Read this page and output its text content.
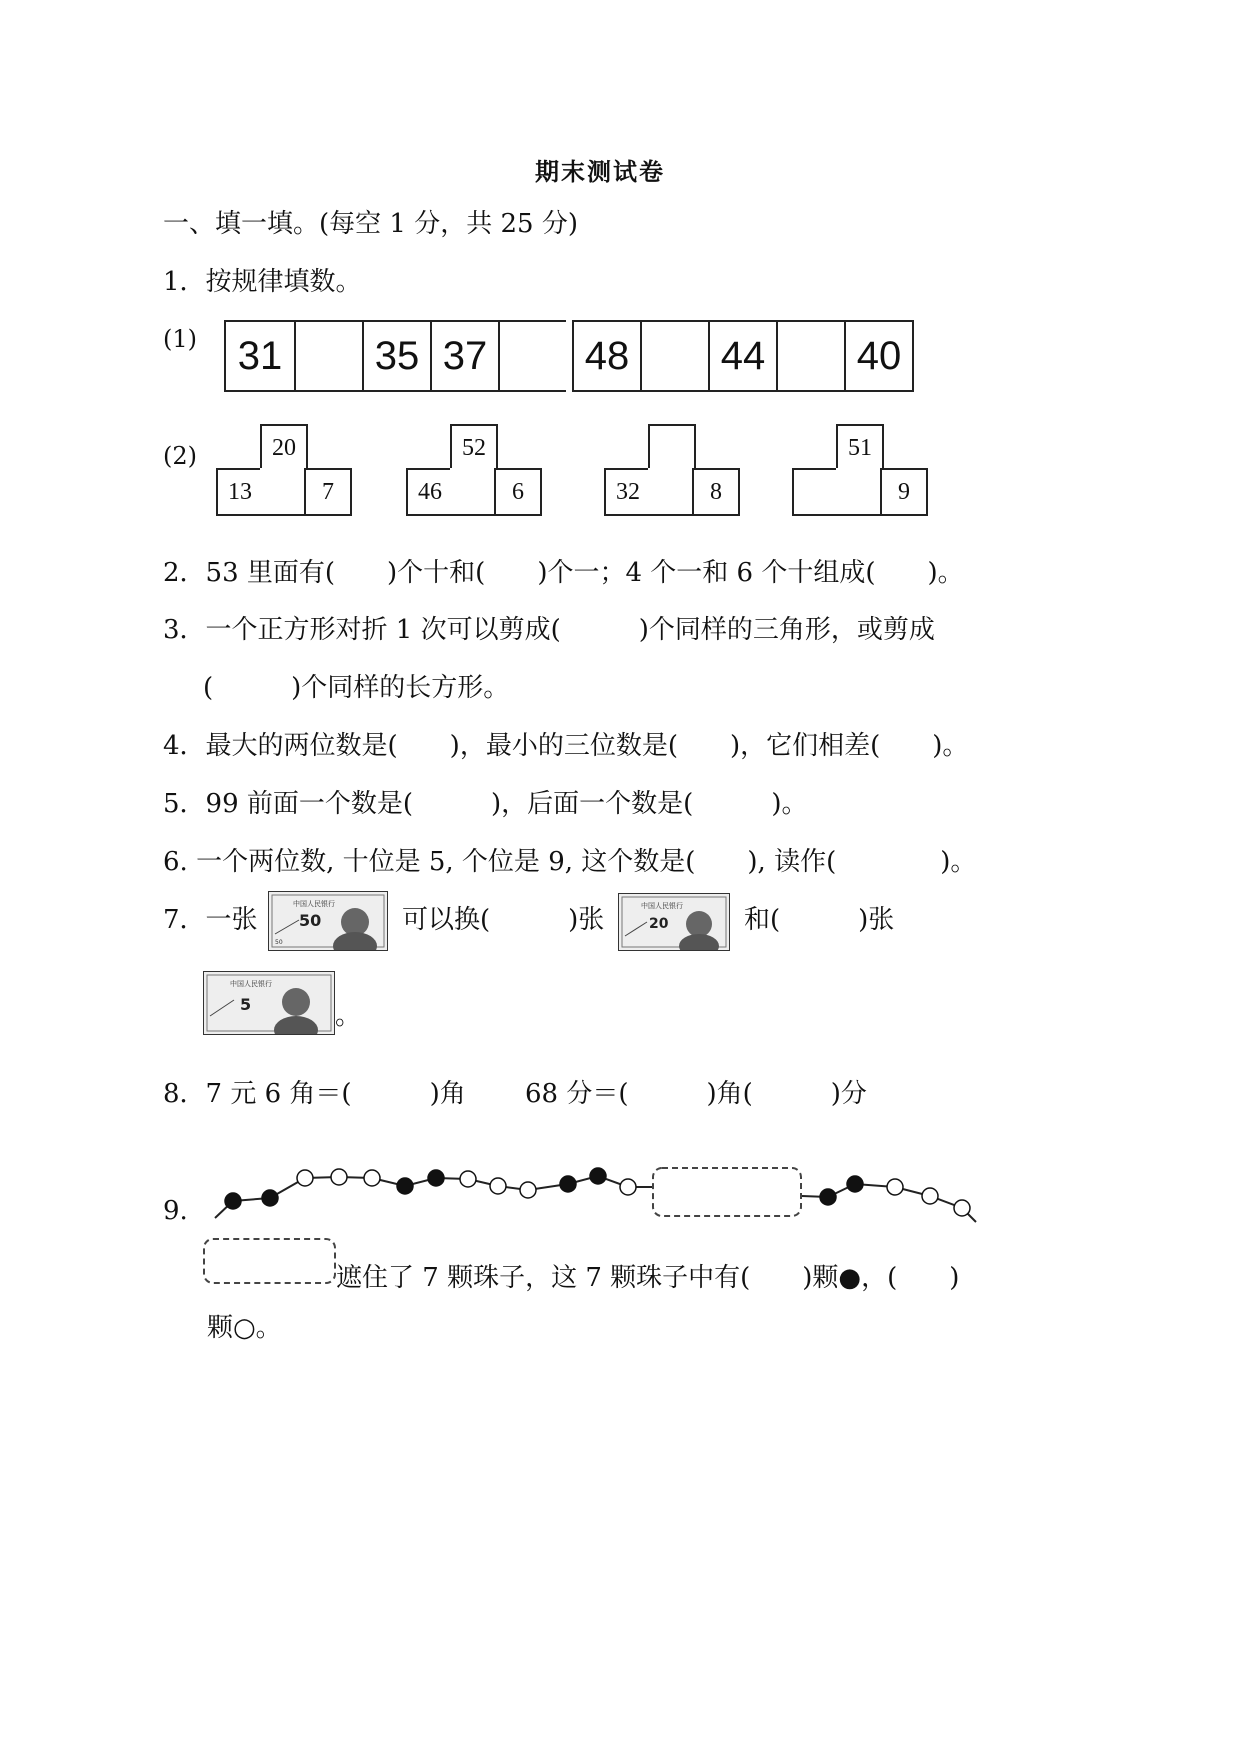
期末测试卷
一、填一填。(每空 1 分，共 25 分)
1．按规律填数。
(1) 31	35 37	48	44	40
(2)	20
13	7
52
46	6	32	8
51
9
2．53 里面有(　　)个十和(　　)个一；4 个一和 6 个十组成(　　)。
3．一个正方形对折 1 次可以剪成(　　　)个同样的三角形，或剪成
(　　　)个同样的长方形。
4．最大的两位数是(　　)，最小的三位数是(　　)，它们相差(　　)。
5．99 前面一个数是(　　　)，后面一个数是(　　　)。
6. 一个两位数, 十位是 5, 个位是 9, 这个数是(　　), 读作(　　　　)。
7．一张
中国人民银行
50
50
可以换(　　　)张	中国人民银行
20	和(　　　)张
中国人民银行
5	。
8．7 元 6 角＝(　　　)角 68 分＝(　　　)角(　　　)分
9.
遮住了 7 颗珠子，这 7 颗珠子中有(　　)颗●，(　　)
颗○。
